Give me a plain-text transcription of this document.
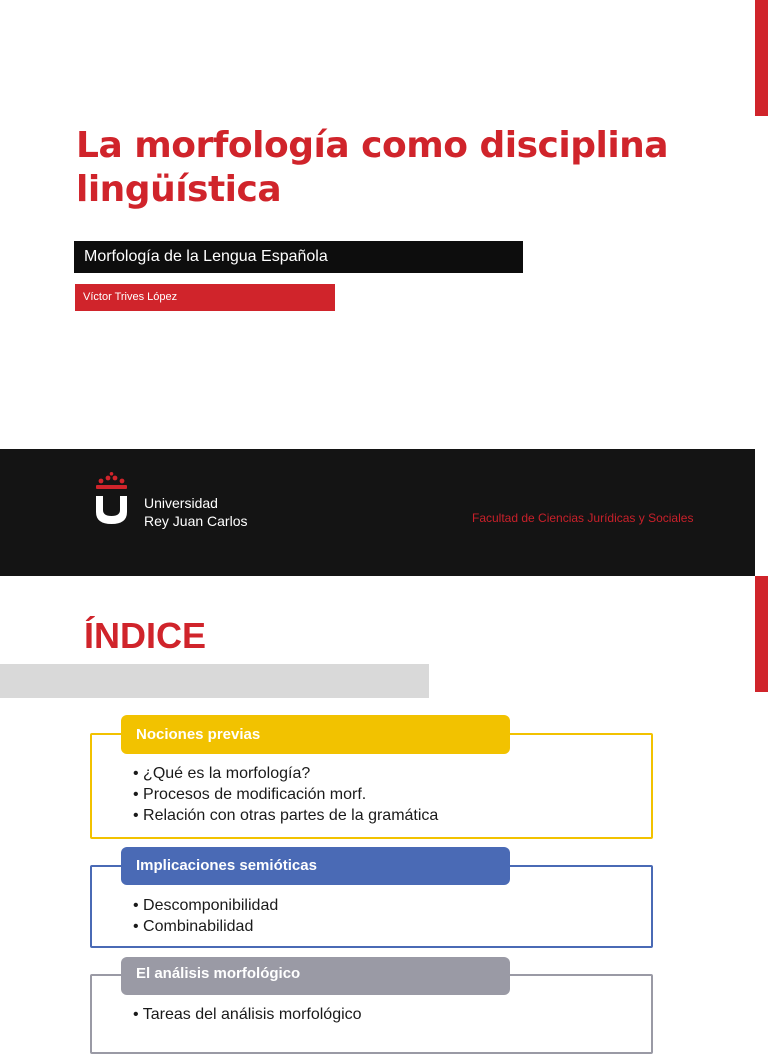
La morfología como disciplina lingüística
Morfología de la Lengua Española
Víctor Trives López
Universidad
Rey Juan Carlos	Facultad de Ciencias Jurídicas y Sociales
ÍNDICE
Nociones previas
• ¿Qué es la morfología?
• Procesos de modificación morf.
• Relación con otras partes de la gramática
Implicaciones semióticas
• Descomponibilidad
• Combinabilidad
El análisis morfológico
• Tareas del análisis morfológico
